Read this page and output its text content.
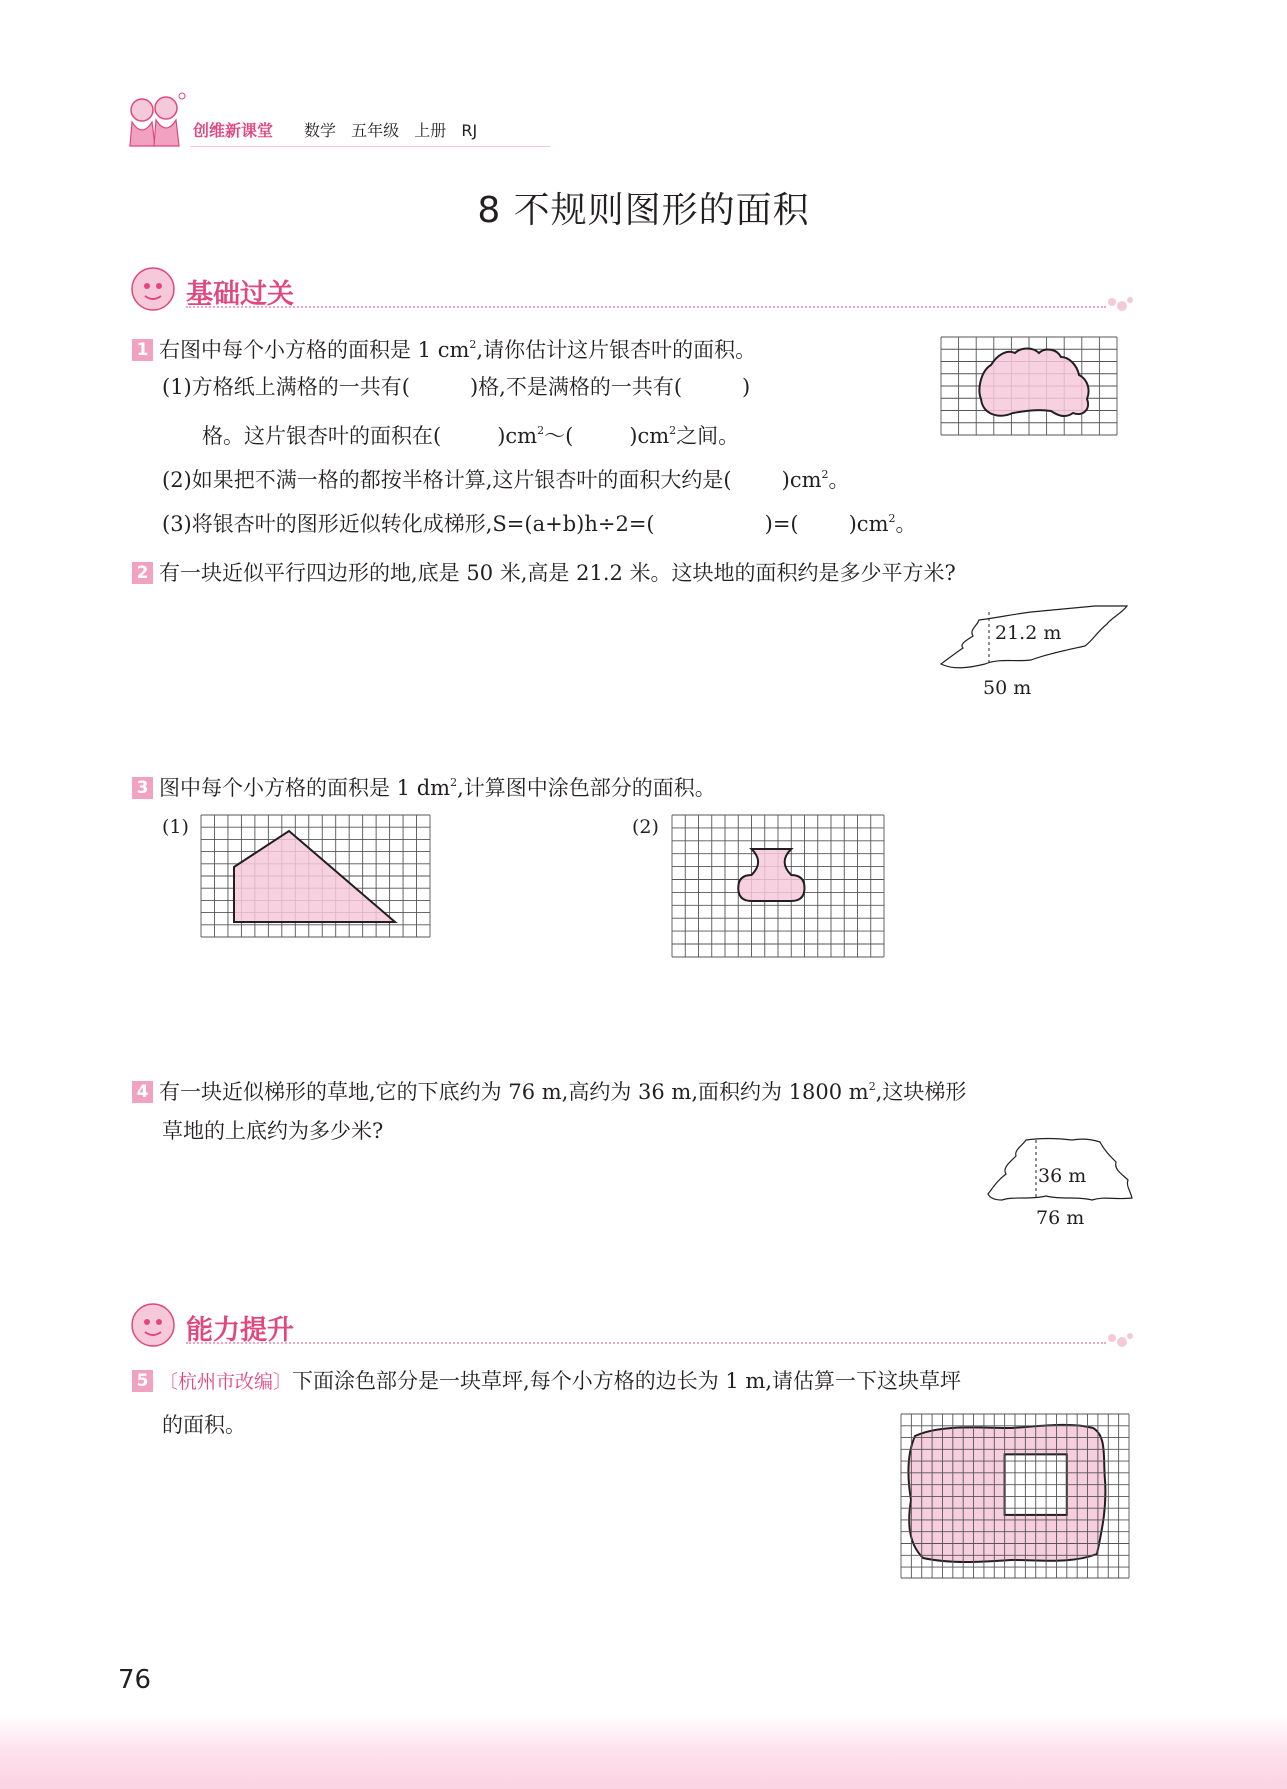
创维新课堂 数学 五年级 上册 RJ
8 不规则图形的面积
基础过关
1 右图中每个小方格的面积是 1 $cm^2$,请你估计这片银杏叶的面积。
(1)方格纸上满格的一共有(	)格,不是满格的一共有(	)
格。这片银杏叶的面积在(	)$cm^2\sim$(	)$cm^2$之间。
(2)如果把不满一格的都按半格计算,这片银杏叶的面积大约是( )$cm^2$。
(3)将银杏叶的图形近似转化成梯形,S=(a+b)h÷2=(	)=( )$cm^2$。
2 有一块近似平行四边形的地,底是 50 米,高是 21.2 米。这块地的面积约是多少平方米?
21.2 m
50 m
3 图中每个小方格的面积是 1 $dm^2$,计算图中涂色部分的面积。
(1)	(2)
4 有一块近似梯形的草地,它的下底约为 76 m,高约为 36 m,面积约为 1800 $m^2$,这块梯形
草地的上底约为多少米?
36 m
76 m
能力提升
5 〔杭州市改编〕下面涂色部分是一块草坪,每个小方格的边长为 1 m,请估算一下这块草坪
的面积。
76
